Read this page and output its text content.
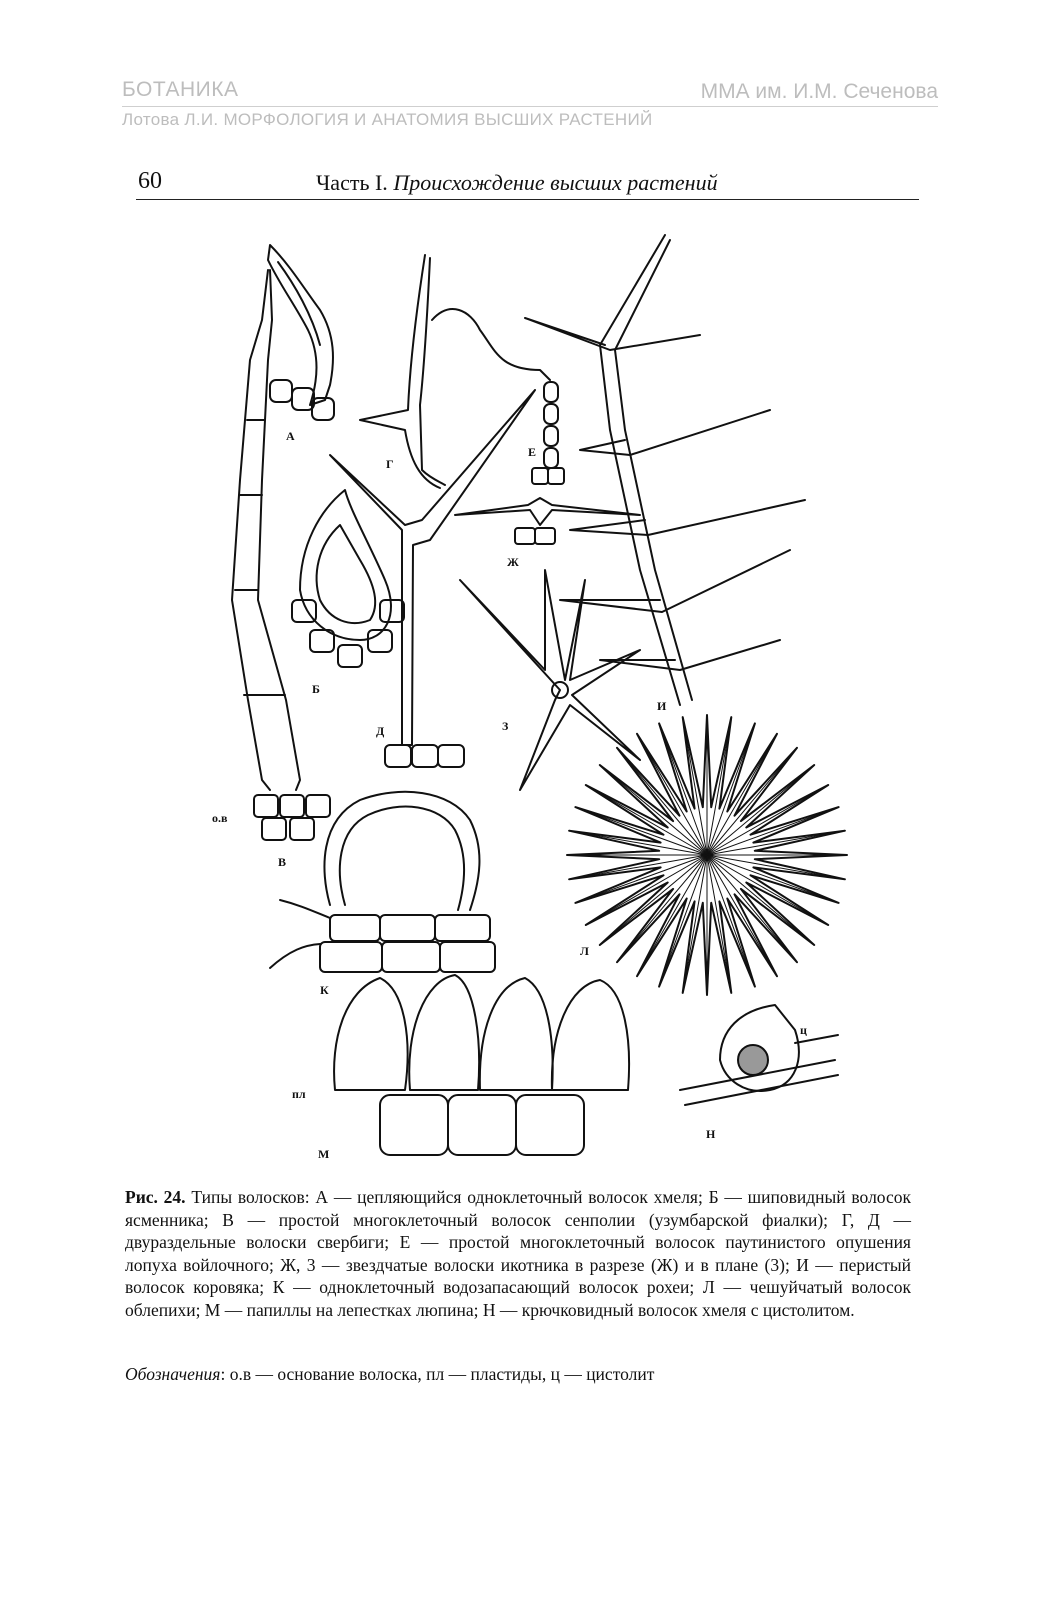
БОТАНИКА	ММА им. И.М. Сеченова
Лотова Л.И. МОРФОЛОГИЯ И АНАТОМИЯ ВЫСШИХ РАСТЕНИЙ
60	Часть I. Происхождение высших растений
А
Г
Е
Ж
Б
Д	З
И
о.в
В
Л
К
ц
пл
Н
М
Рис. 24. Типы волосков: А — цепляющийся одноклеточный волосок хмеля; Б — шиповидный волосок ясменника; В — простой многоклеточный волосок сенполии (узумбарской фиалки); Г, Д — двураздельные волоски свербиги; Е — простой многоклеточный волосок паутинистого опушения лопуха войлочного; Ж, 3 — звездчатые волоски икотника в разрезе (Ж) и в плане (3); И — перистый волосок коровяка; К — одноклеточный водозапасающий волосок рохеи; Л — чешуйчатый волосок облепихи; М — папиллы на лепестках люпина; Н — крючковидный волосок хмеля с цистолитом.
Обозначения: о.в — основание волоска, пл — пластиды, ц — цистолит
